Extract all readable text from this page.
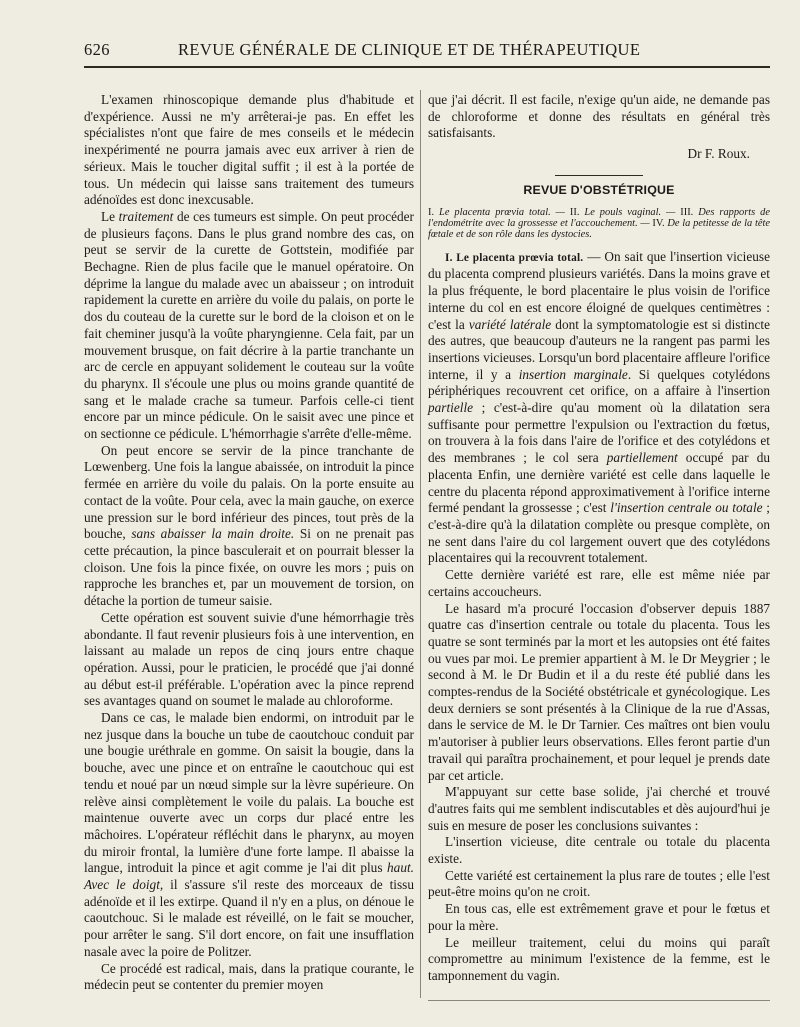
626	REVUE GÉNÉRALE DE CLINIQUE ET DE THÉRAPEUTIQUE

L'examen rhinoscopique demande plus d'habitude et d'expérience. Aussi ne m'y arrêterai-je pas. En effet les spécialistes n'ont que faire de mes conseils et le médecin inexpérimenté ne pourra jamais avec eux arriver à rien de sérieux. Mais le toucher digital suffit ; il est à la portée de tous. Un médecin qui laisse sans traitement des tumeurs adénoïdes est donc inexcusable.

Le traitement de ces tumeurs est simple. On peut procéder de plusieurs façons. Dans le plus grand nombre des cas, on peut se servir de la curette de Gottstein, modifiée par Bechagne. Rien de plus facile que le manuel opératoire. On déprime la langue du malade avec un abaisseur ; on introduit rapidement la curette en arrière du voile du palais, on porte le dos du couteau de la curette sur le bord de la cloison et on le fait cheminer jusqu'à la voûte pharyngienne. Cela fait, par un mouvement brusque, on fait décrire à la partie tranchante un arc de cercle en appuyant solidement le couteau sur la voûte du pharynx. Il s'écoule une plus ou moins grande quantité de sang et le malade crache sa tumeur. Parfois celle-ci tient encore par un mince pédicule. On le saisit avec une pince et on sectionne ce pédicule. L'hémorrhagie s'arrête d'elle-même.

On peut encore se servir de la pince tranchante de Lœwenberg. Une fois la langue abaissée, on introduit la pince fermée en arrière du voile du palais. On la porte ensuite au contact de la voûte. Pour cela, avec la main gauche, on exerce une pression sur le bord inférieur des pinces, tout près de la bouche, sans abaisser la main droite. Si on ne prenait pas cette précaution, la pince basculerait et on pourrait blesser la cloison. Une fois la pince fixée, on ouvre les mors ; puis on rapproche les branches et, par un mouvement de torsion, on détache la portion de tumeur saisie.

Cette opération est souvent suivie d'une hémorrhagie très abondante. Il faut revenir plusieurs fois à une intervention, en laissant au malade un repos de cinq jours entre chaque opération. Aussi, pour le praticien, le procédé que j'ai donné au début est-il préférable. L'opération avec la pince reprend ses avantages quand on soumet le malade au chloroforme.

Dans ce cas, le malade bien endormi, on introduit par le nez jusque dans la bouche un tube de caoutchouc conduit par une bougie uréthrale en gomme. On saisit la bougie, dans la bouche, avec une pince et on entraîne le caoutchouc qui est tendu et noué par un nœud simple sur la lèvre supérieure. On relève ainsi complètement le voile du palais. La bouche est maintenue ouverte avec un corps dur placé entre les mâchoires. L'opérateur réfléchit dans le pharynx, au moyen du miroir frontal, la lumière d'une forte lampe. Il abaisse la langue, introduit la pince et agit comme je l'ai dit plus haut. Avec le doigt, il s'assure s'il reste des morceaux de tissu adénoïde et il les extirpe. Quand il n'y en a plus, on dénoue le caoutchouc. Si le malade est réveillé, on le fait se moucher, pour arrêter le sang. S'il dort encore, on fait une insufflation nasale avec la poire de Politzer.

Ce procédé est radical, mais, dans la pratique courante, le médecin peut se contenter du premier moyen

que j'ai décrit. Il est facile, n'exige qu'un aide, ne demande pas de chloroforme et donne des résultats en général très satisfaisants.

Dr F. Roux.
REVUE D'OBSTÉTRIQUE
I. Le placenta prœvia total. — II. Le pouls vaginal. — III. Des rapports de l'endométrite avec la grossesse et l'accouchement. — IV. De la petitesse de la tête fœtale et de son rôle dans les dystocies.

I. Le placenta prœvia total. — On sait que l'insertion vicieuse du placenta comprend plusieurs variétés. Dans la moins grave et la plus fréquente, le bord placentaire le plus voisin de l'orifice interne du col en est encore éloigné de quelques centimètres : c'est la variété latérale dont la symptomatologie est si distincte des autres, que beaucoup d'auteurs ne la rangent pas parmi les insertions vicieuses. Lorsqu'un bord placentaire affleure l'orifice interne, il y a insertion marginale. Si quelques cotylédons périphériques recouvrent cet orifice, on a affaire à l'insertion partielle ; c'est-à-dire qu'au moment où la dilatation sera suffisante pour permettre l'expulsion ou l'extraction du fœtus, on trouvera à la fois dans l'aire de l'orifice et des cotylédons et des membranes ; le col sera partiellement occupé par du placenta Enfin, une dernière variété est celle dans laquelle le centre du placenta répond approximativement à l'orifice interne fermé pendant la grossesse ; c'est l'insertion centrale ou totale ; c'est-à-dire qu'à la dilatation complète ou presque complète, on ne sent dans l'aire du col largement ouvert que des cotylédons placentaires qui la recouvrent totalement.

Cette dernière variété est rare, elle est même niée par certains accoucheurs.

Le hasard m'a procuré l'occasion d'observer depuis 1887 quatre cas d'insertion centrale ou totale du placenta. Tous les quatre se sont terminés par la mort et les autopsies ont été faites ou vues par moi. Le premier appartient à M. le Dr Meygrier ; le second à M. le Dr Budin et il a du reste été publié dans les comptes-rendus de la Société obstétricale et gynécologique. Les deux derniers se sont présentés à la Clinique de la rue d'Assas, dans le service de M. le Dr Tarnier. Ces maîtres ont bien voulu m'autoriser à publier leurs observations. Elles feront partie d'un travail qui paraîtra prochainement, et pour lequel je prends date par cet article.

M'appuyant sur cette base solide, j'ai cherché et trouvé d'autres faits qui me semblent indiscutables et dès aujourd'hui je suis en mesure de poser les conclusions suivantes :

L'insertion vicieuse, dite centrale ou totale du placenta existe.

Cette variété est certainement la plus rare de toutes ; elle l'est peut-être moins qu'on ne croit.

En tous cas, elle est extrêmement grave et pour le fœtus et pour la mère.

Le meilleur traitement, celui du moins qui paraît compromettre au minimum l'existence de la femme, est le tamponnement du vagin.
